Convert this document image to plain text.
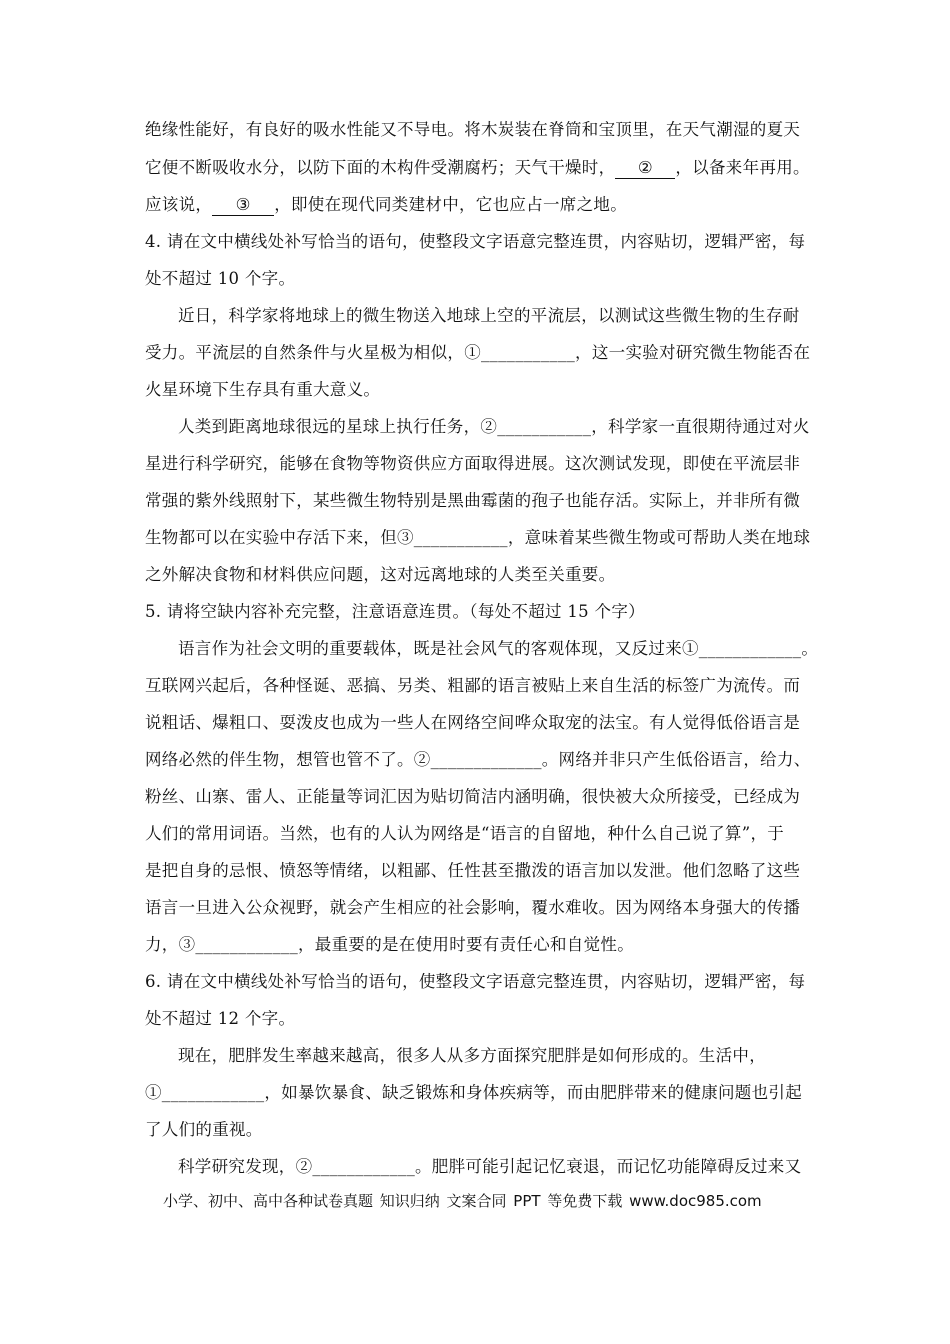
绝缘性能好，有良好的吸水性能又不导电。将木炭装在脊筒和宝顶里，在天气潮湿的夏天
它便不断吸收水分，以防下面的木构件受潮腐朽；天气干燥时， ② ，以备来年再用。
应该说， ③ ，即使在现代同类建材中，它也应占一席之地。
4. 请在文中横线处补写恰当的语句，使整段文字语意完整连贯，内容贴切，逻辑严密，每
处不超过 10 个字。
近日，科学家将地球上的微生物送入地球上空的平流层，以测试这些微生物的生存耐
受力。平流层的自然条件与火星极为相似，①___________，这一实验对研究微生物能否在
火星环境下生存具有重大意义。
人类到距离地球很远的星球上执行任务，②___________，科学家一直很期待通过对火
星进行科学研究，能够在食物等物资供应方面取得进展。这次测试发现，即使在平流层非
常强的紫外线照射下，某些微生物特别是黑曲霉菌的孢子也能存活。实际上，并非所有微
生物都可以在实验中存活下来，但③___________，意味着某些微生物或可帮助人类在地球
之外解决食物和材料供应问题，这对远离地球的人类至关重要。
5. 请将空缺内容补充完整，注意语意连贯。（每处不超过 15 个字）
语言作为社会文明的重要载体，既是社会风气的客观体现，又反过来①____________。
互联网兴起后，各种怪诞、恶搞、另类、粗鄙的语言被贴上来自生活的标签广为流传。而
说粗话、爆粗口、耍泼皮也成为一些人在网络空间哗众取宠的法宝。有人觉得低俗语言是
网络必然的伴生物，想管也管不了。②_____________。网络并非只产生低俗语言，给力、
粉丝、山寨、雷人、正能量等词汇因为贴切简洁内涵明确，很快被大众所接受，已经成为
人们的常用词语。当然，也有的人认为网络是“语言的自留地，种什么自己说了算”，于
是把自身的忌恨、愤怒等情绪，以粗鄙、任性甚至撒泼的语言加以发泄。他们忽略了这些
语言一旦进入公众视野，就会产生相应的社会影响，覆水难收。因为网络本身强大的传播
力，③____________，最重要的是在使用时要有责任心和自觉性。
6. 请在文中横线处补写恰当的语句，使整段文字语意完整连贯，内容贴切，逻辑严密，每
处不超过 12 个字。
现在，肥胖发生率越来越高，很多人从多方面探究肥胖是如何形成的。生活中，
①____________，如暴饮暴食、缺乏锻炼和身体疾病等，而由肥胖带来的健康问题也引起
了人们的重视。
科学研究发现，②____________。肥胖可能引起记忆衰退，而记忆功能障碍反过来又
小学、初中、高中各种试卷真题 知识归纳 文案合同 PPT 等免费下载 www.doc985.com
